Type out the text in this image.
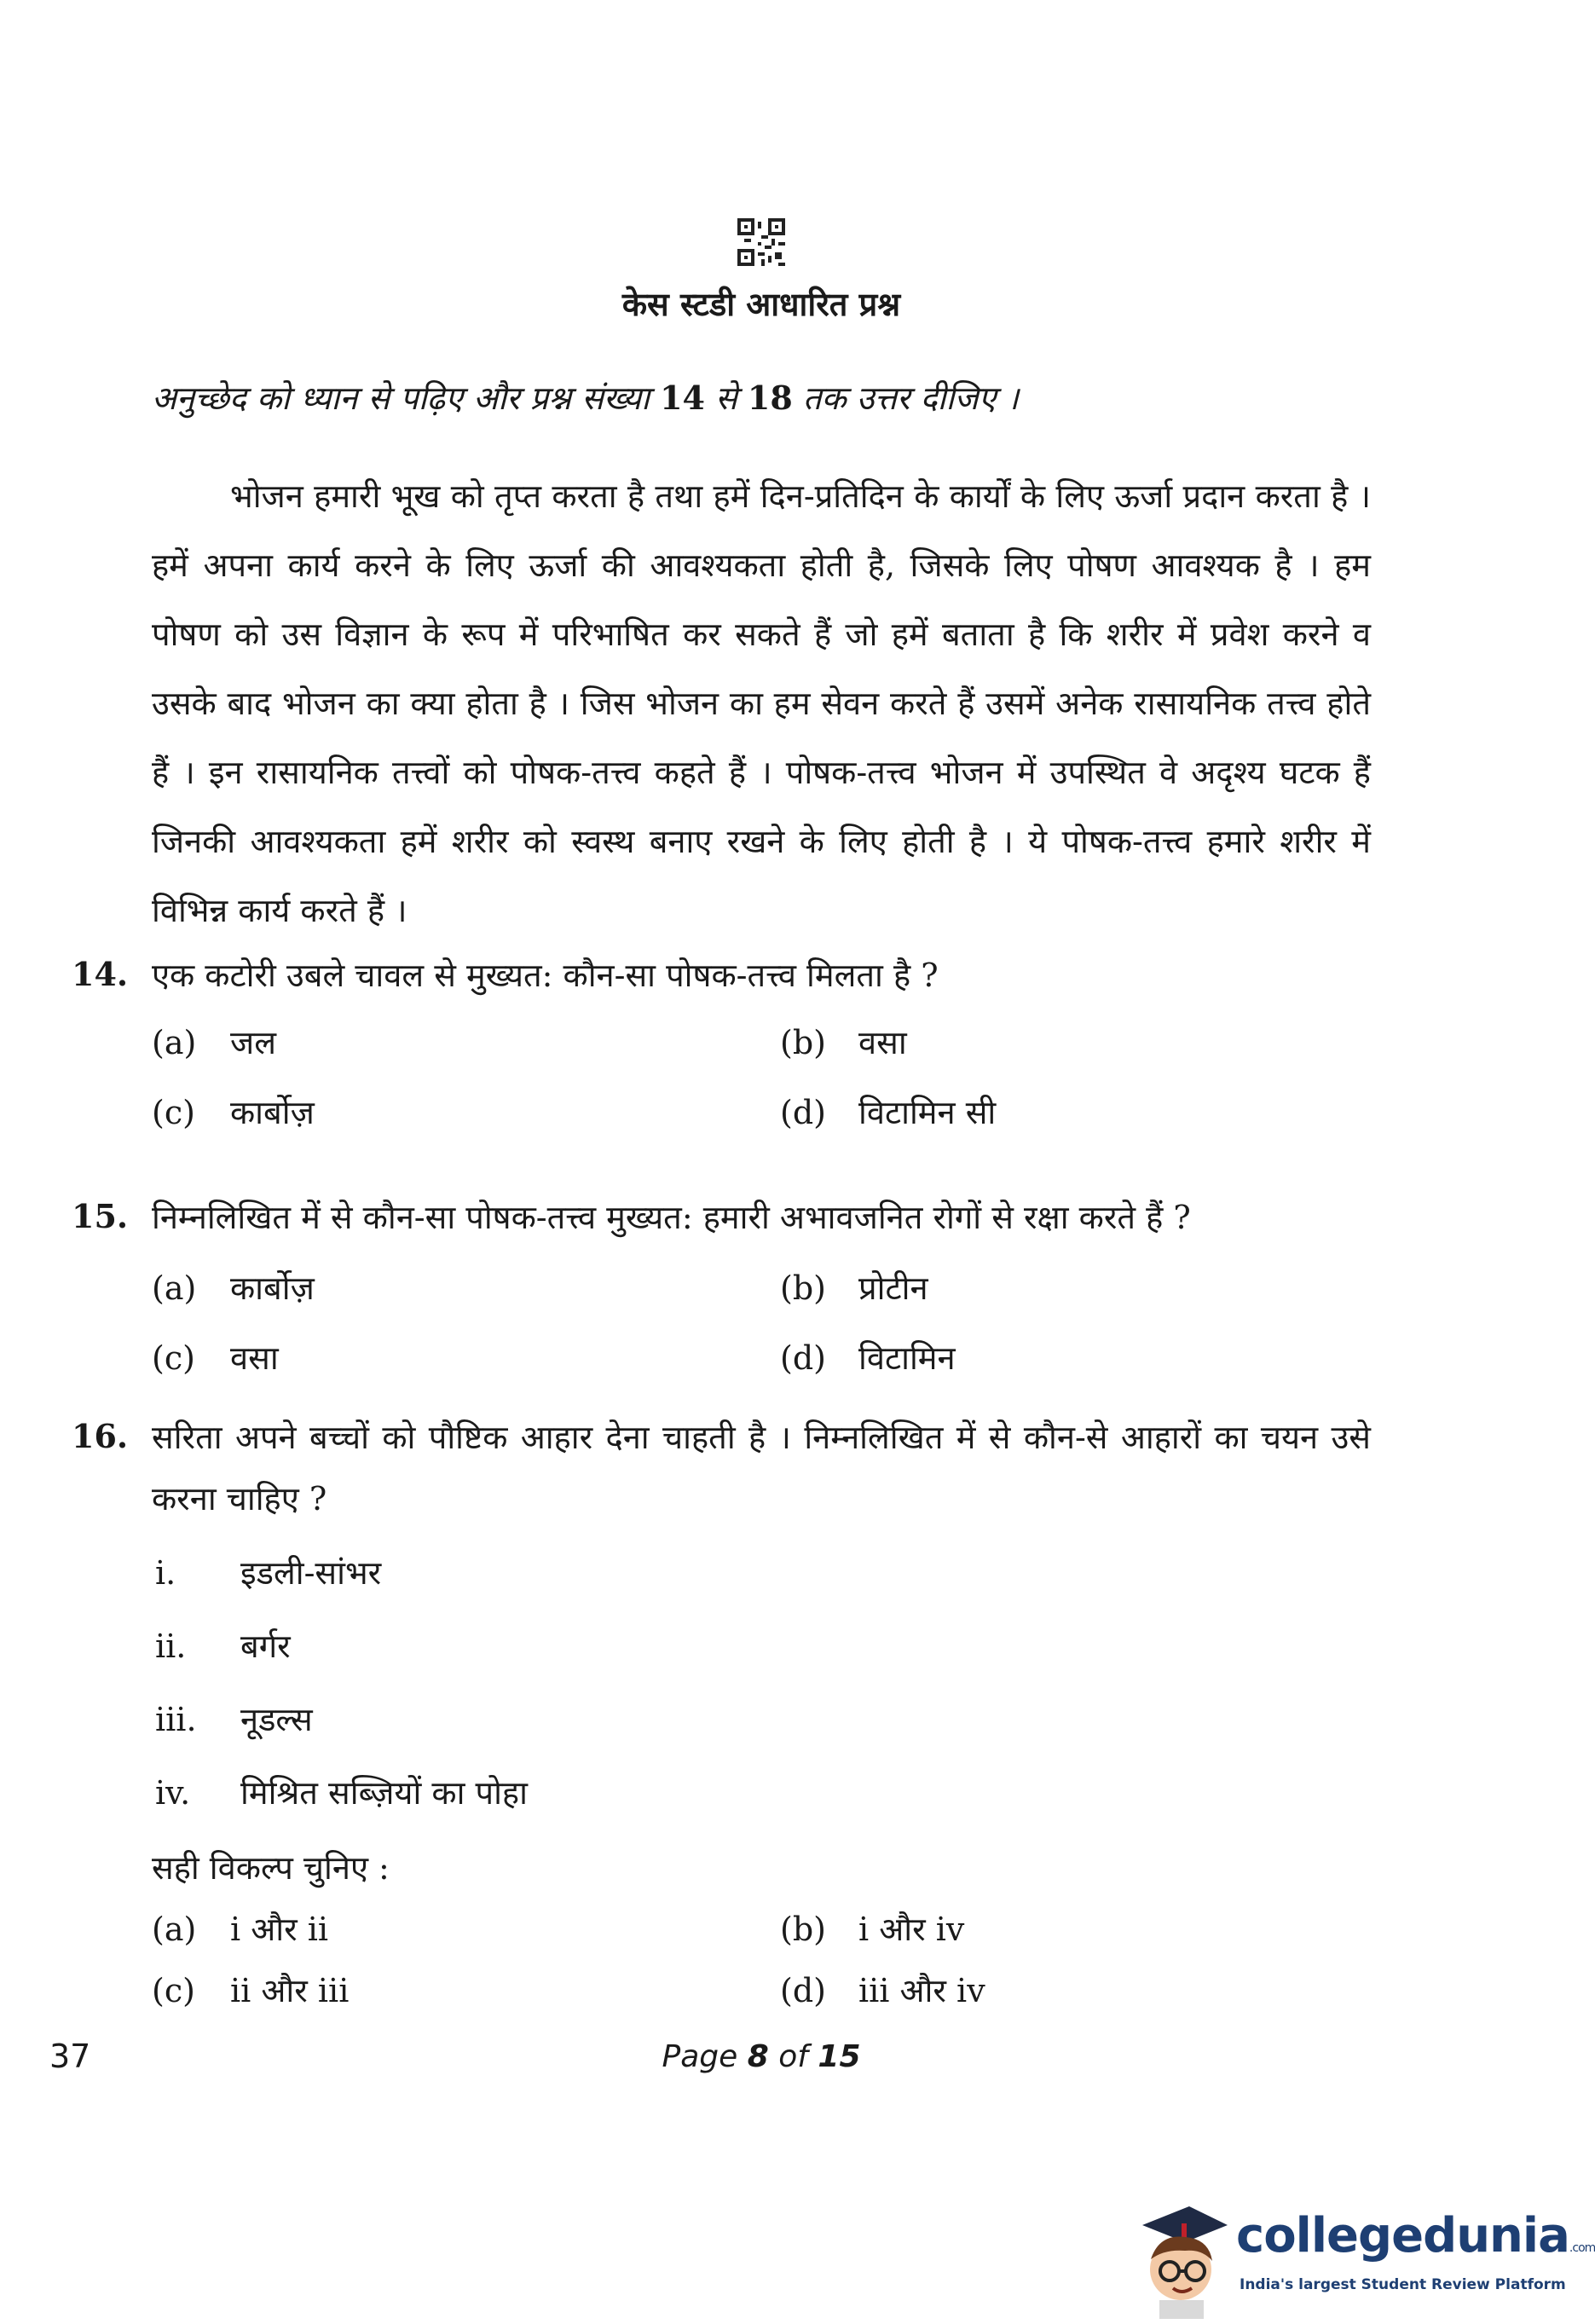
केस स्टडी आधारित प्रश्न
अनुच्छेद को ध्यान से पढ़िए और प्रश्न संख्या 14 से 18 तक उत्तर दीजिए ।

भोजन हमारी भूख को तृप्त करता है तथा हमें दिन-प्रतिदिन के कार्यों के लिए ऊर्जा प्रदान करता है । हमें अपना कार्य करने के लिए ऊर्जा की आवश्यकता होती है, जिसके लिए पोषण आवश्यक है । हम पोषण को उस विज्ञान के रूप में परिभाषित कर सकते हैं जो हमें बताता है कि शरीर में प्रवेश करने व उसके बाद भोजन का क्या होता है । जिस भोजन का हम सेवन करते हैं उसमें अनेक रासायनिक तत्त्व होते हैं । इन रासायनिक तत्त्वों को पोषक-तत्त्व कहते हैं । पोषक-तत्त्व भोजन में उपस्थित वे अदृश्य घटक हैं जिनकी आवश्यकता हमें शरीर को स्वस्थ बनाए रखने के लिए होती है । ये पोषक-तत्त्व हमारे शरीर में विभिन्न कार्य करते हैं ।

14. एक कटोरी उबले चावल से मुख्यत: कौन-सा पोषक-तत्त्व मिलता है ?

(a) जल	(b) वसा
(c) कार्बोज़	(d) विटामिन सी
15. निम्नलिखित में से कौन-सा पोषक-तत्त्व मुख्यत: हमारी अभावजनित रोगों से रक्षा करते हैं ?

(a) कार्बोज़	(b) प्रोटीन
(c) वसा	(d) विटामिन
16. सरिता अपने बच्चों को पौष्टिक आहार देना चाहती है । निम्नलिखित में से कौन-से आहारों का चयन उसे करना चाहिए ?

i. इडली-सांभर
ii. बर्गर
iii. नूडल्स
iv. मिश्रित सब्ज़ियों का पोहा
सही विकल्प चुनिए :
(a) i और ii	(b) i और iv
(c) ii और iii	(d) iii और iv
37	Page 8 of 15
collegedunia.com
India's largest Student Review Platform
